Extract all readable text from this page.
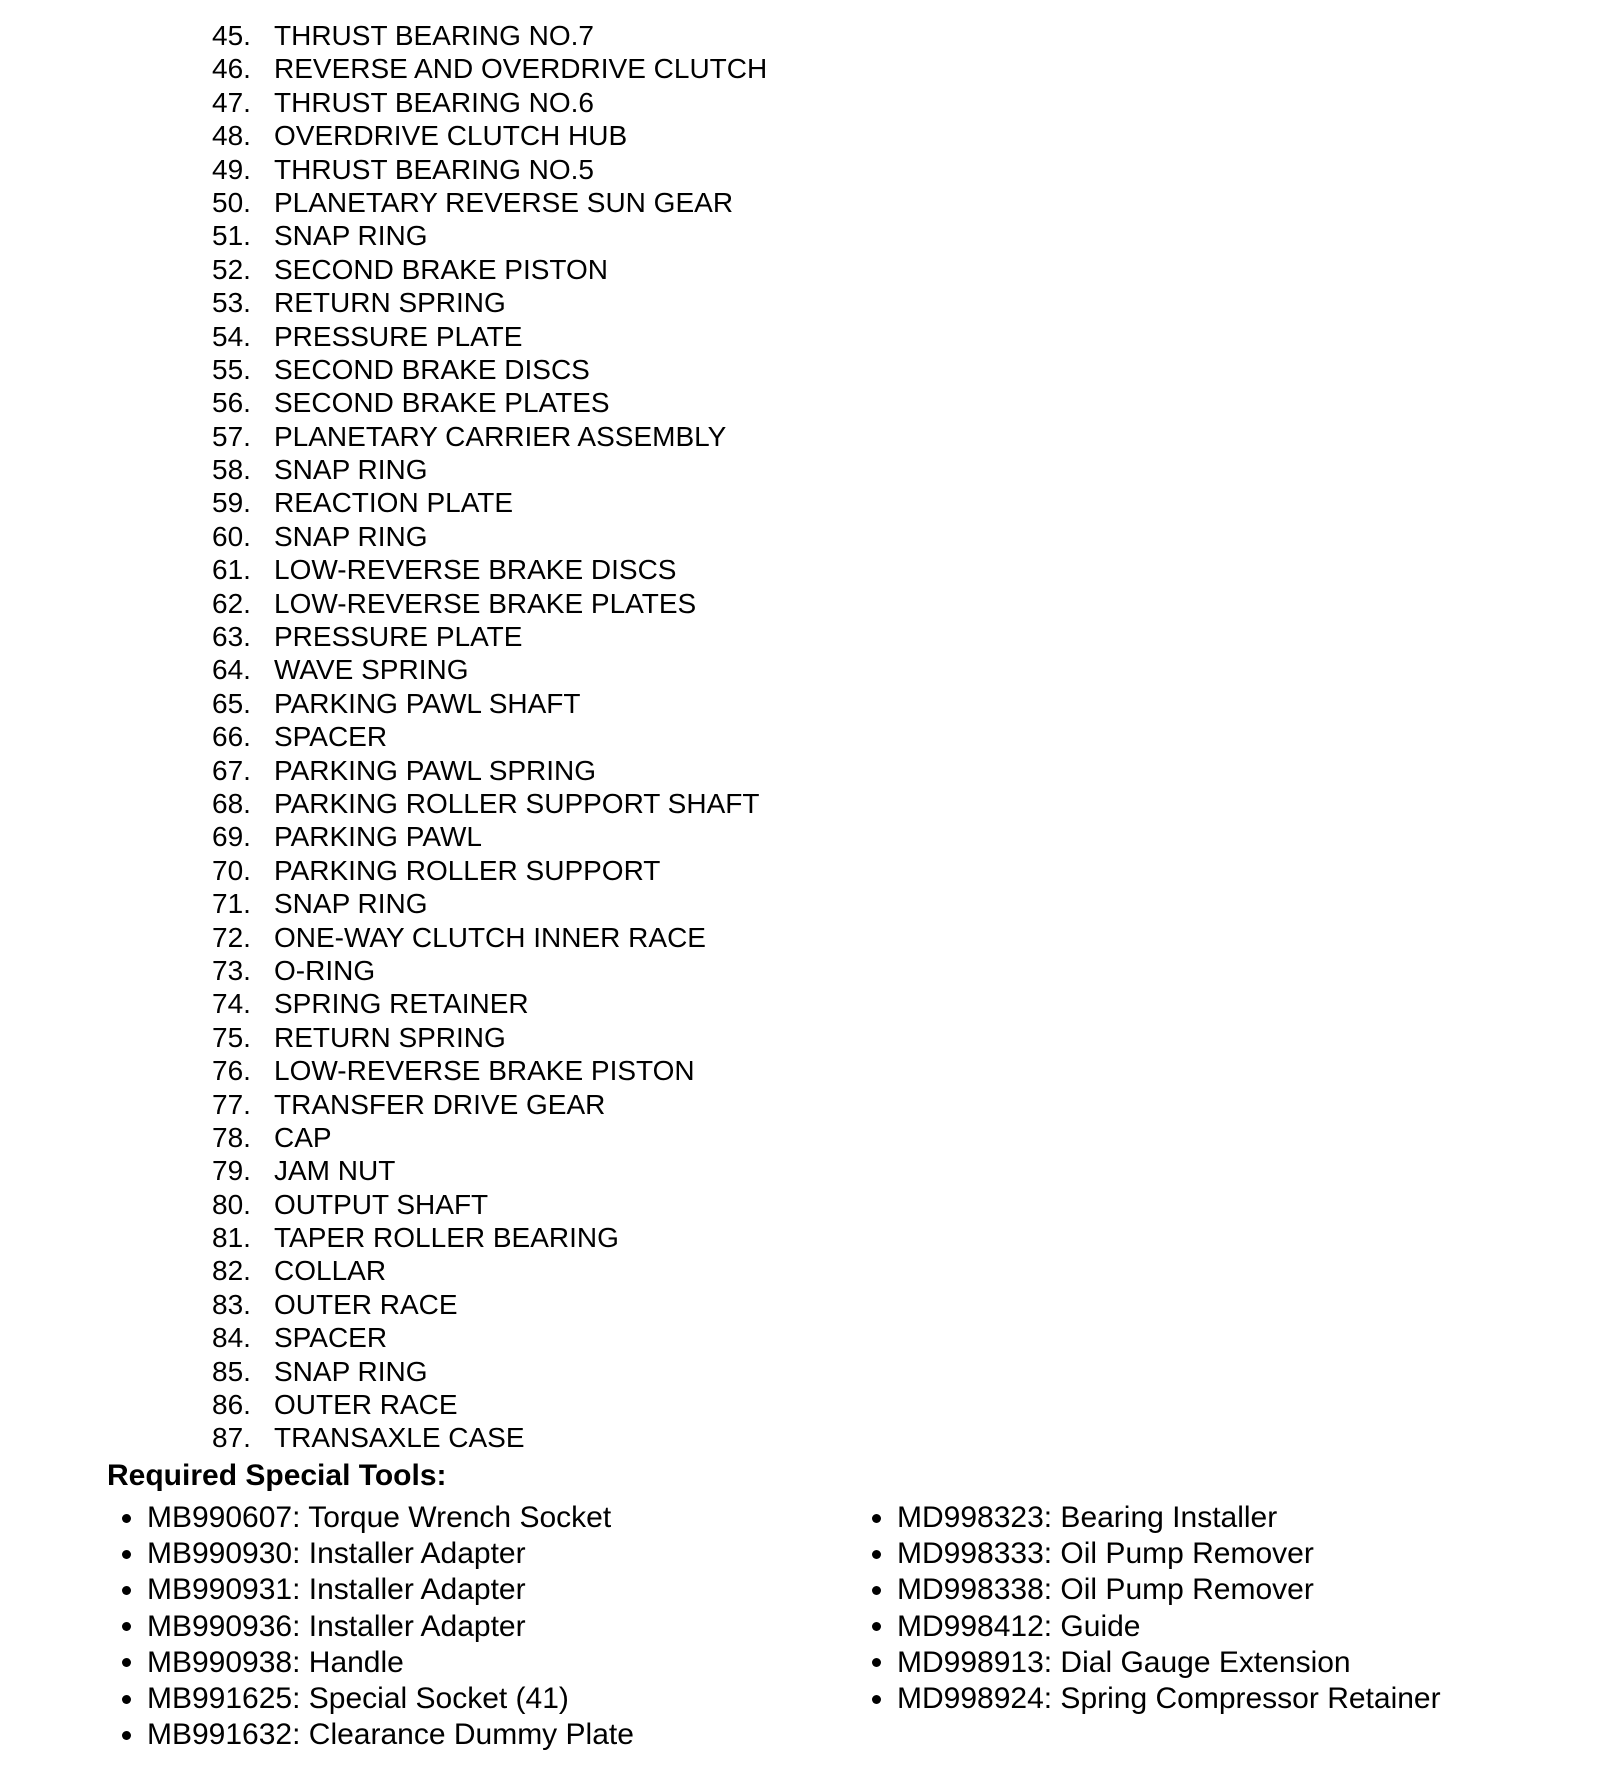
45. THRUST BEARING NO.7
46. REVERSE AND OVERDRIVE CLUTCH
47. THRUST BEARING NO.6
48. OVERDRIVE CLUTCH HUB
49. THRUST BEARING NO.5
50. PLANETARY REVERSE SUN GEAR
51. SNAP RING
52. SECOND BRAKE PISTON
53. RETURN SPRING
54. PRESSURE PLATE
55. SECOND BRAKE DISCS
56. SECOND BRAKE PLATES
57. PLANETARY CARRIER ASSEMBLY
58. SNAP RING
59. REACTION PLATE
60. SNAP RING
61. LOW-REVERSE BRAKE DISCS
62. LOW-REVERSE BRAKE PLATES
63. PRESSURE PLATE
64. WAVE SPRING
65. PARKING PAWL SHAFT
66. SPACER
67. PARKING PAWL SPRING
68. PARKING ROLLER SUPPORT SHAFT
69. PARKING PAWL
70. PARKING ROLLER SUPPORT
71. SNAP RING
72. ONE-WAY CLUTCH INNER RACE
73. O-RING
74. SPRING RETAINER
75. RETURN SPRING
76. LOW-REVERSE BRAKE PISTON
77. TRANSFER DRIVE GEAR
78. CAP
79. JAM NUT
80. OUTPUT SHAFT
81. TAPER ROLLER BEARING
82. COLLAR
83. OUTER RACE
84. SPACER
85. SNAP RING
86. OUTER RACE
87. TRANSAXLE CASE
Required Special Tools:
MB990607: Torque Wrench Socket
MB990930: Installer Adapter
MB990931: Installer Adapter
MB990936: Installer Adapter
MB990938: Handle
MB991625: Special Socket (41)
MB991632: Clearance Dummy Plate
MD998323: Bearing Installer
MD998333: Oil Pump Remover
MD998338: Oil Pump Remover
MD998412: Guide
MD998913: Dial Gauge Extension
MD998924: Spring Compressor Retainer
